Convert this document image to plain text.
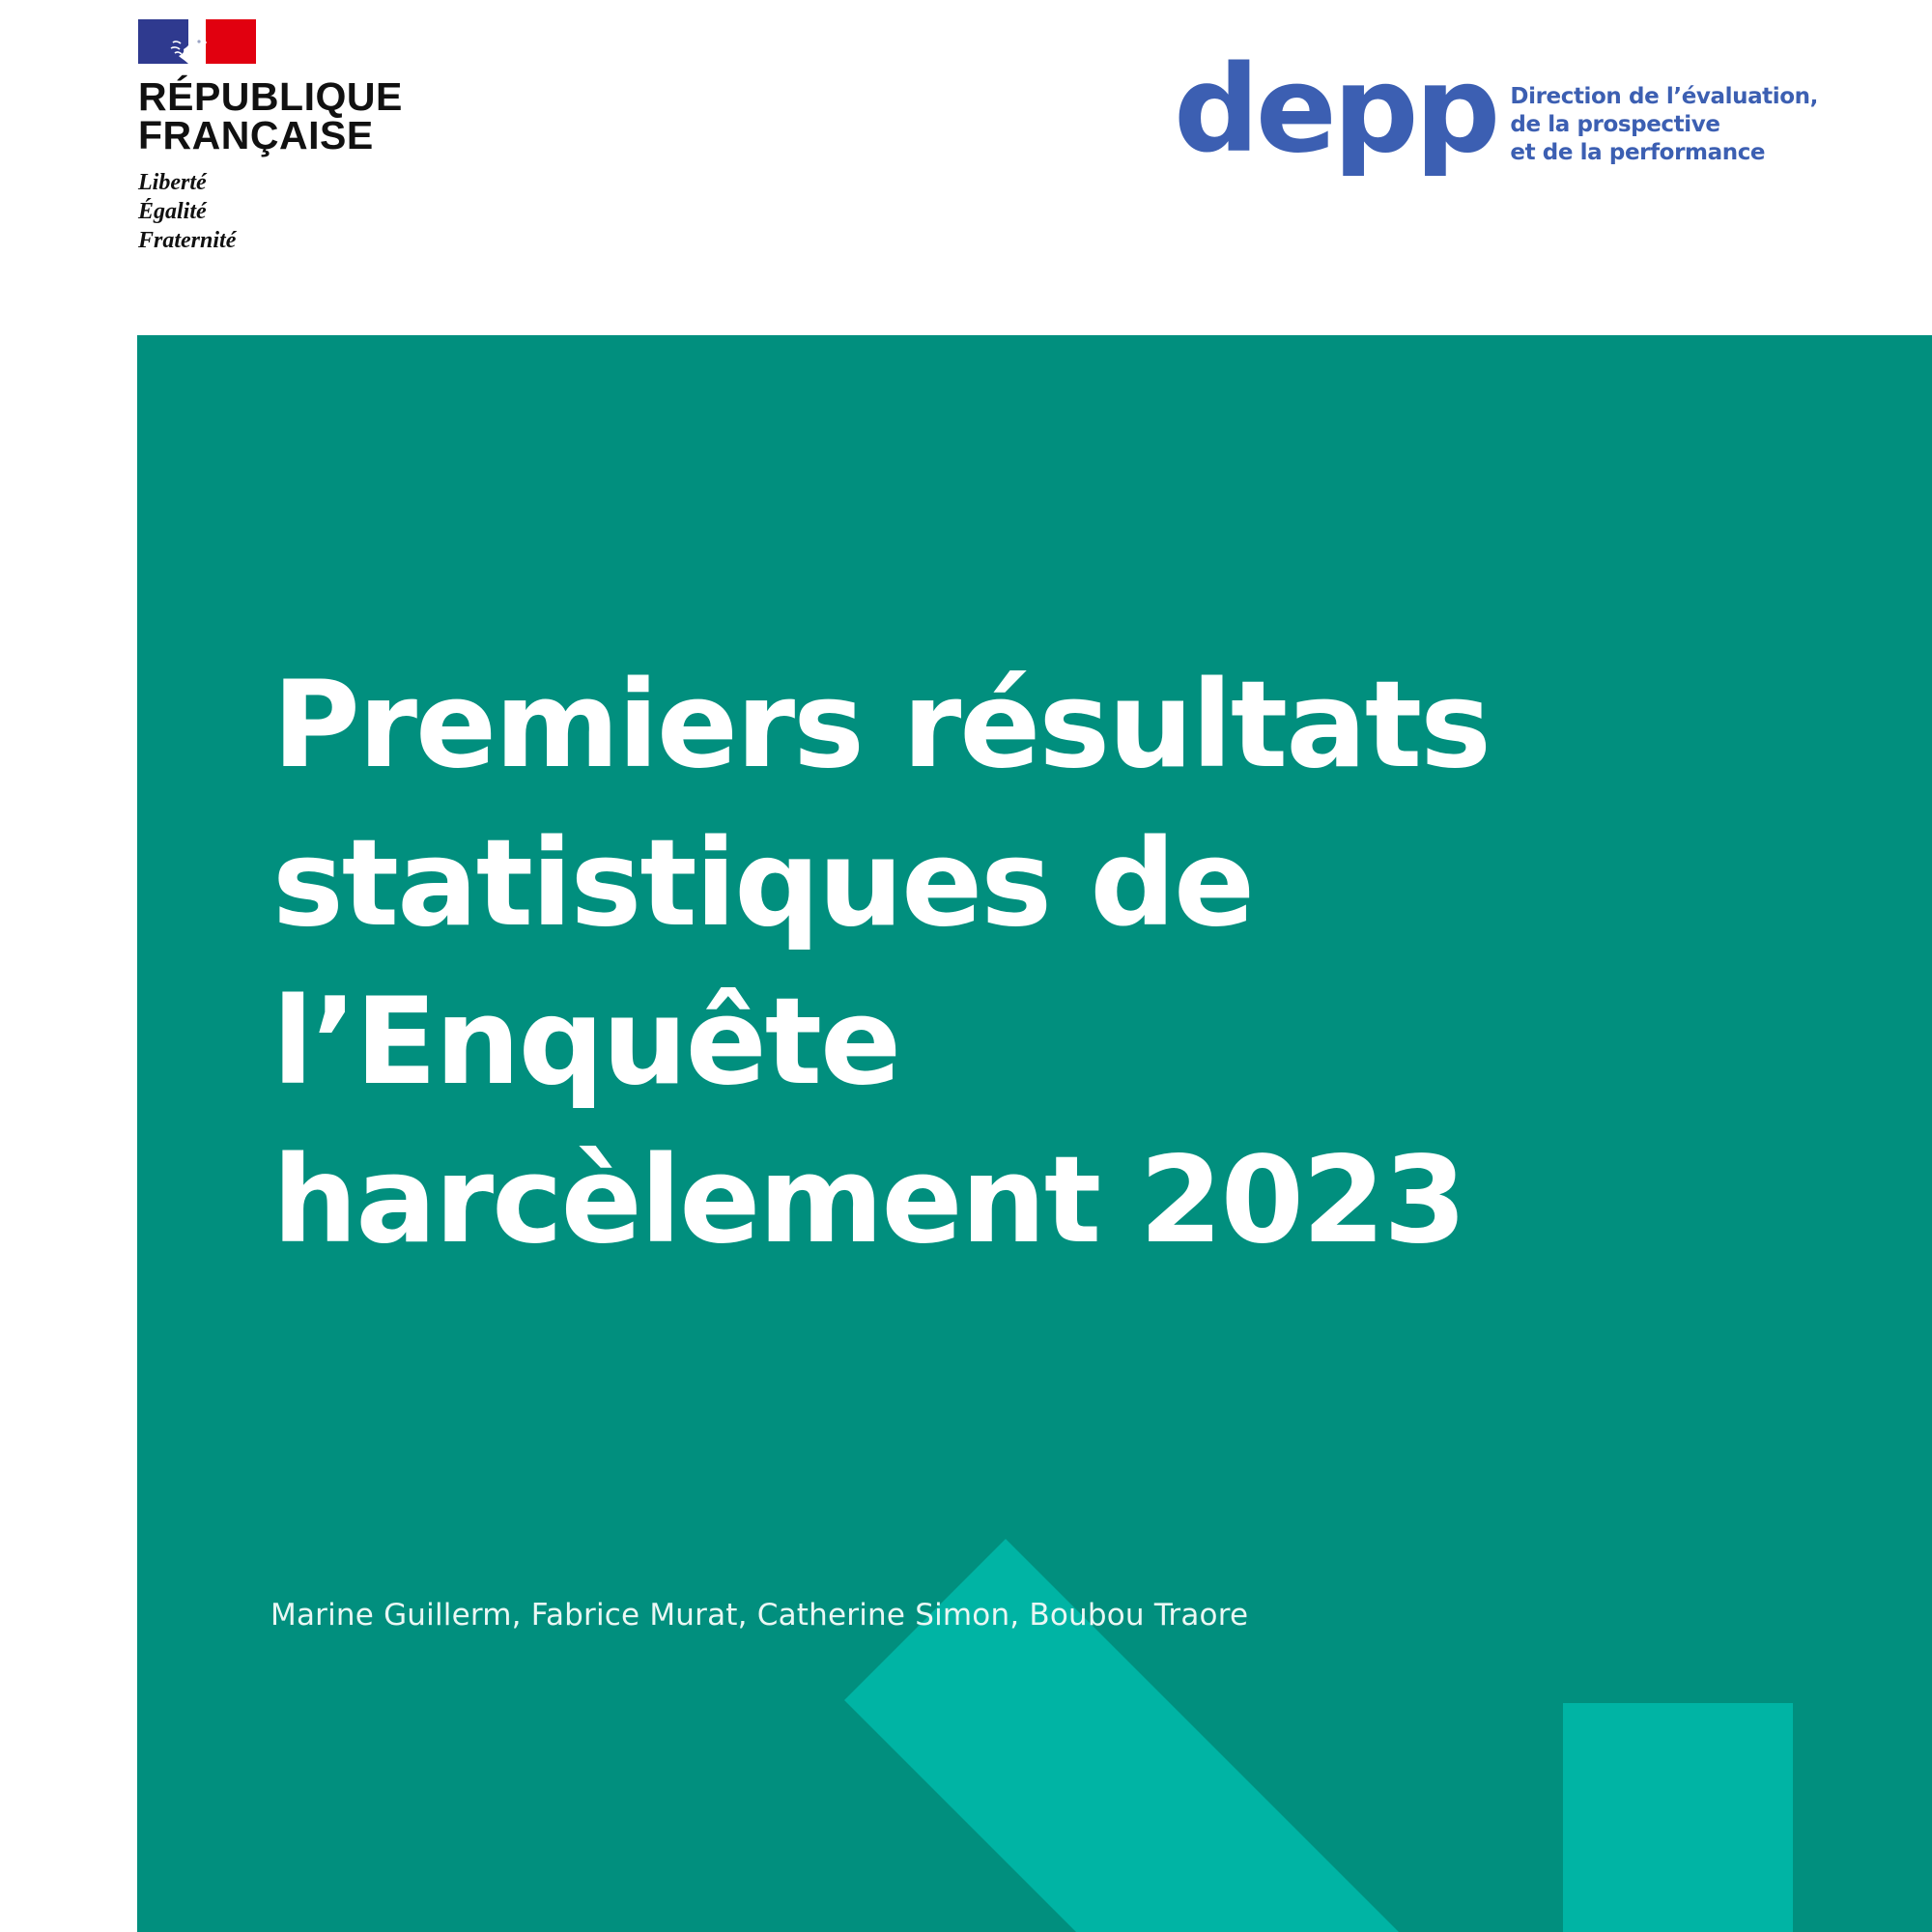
RÉPUBLIQUE
FRANÇAISE
Liberté
Égalité
Fraternité
depp Direction de l’évaluation,
de la prospective
et de la performance
Premiers résultats
statistiques de
l’Enquête
harcèlement 2023
Marine Guillerm, Fabrice Murat, Catherine Simon, Boubou Traore
